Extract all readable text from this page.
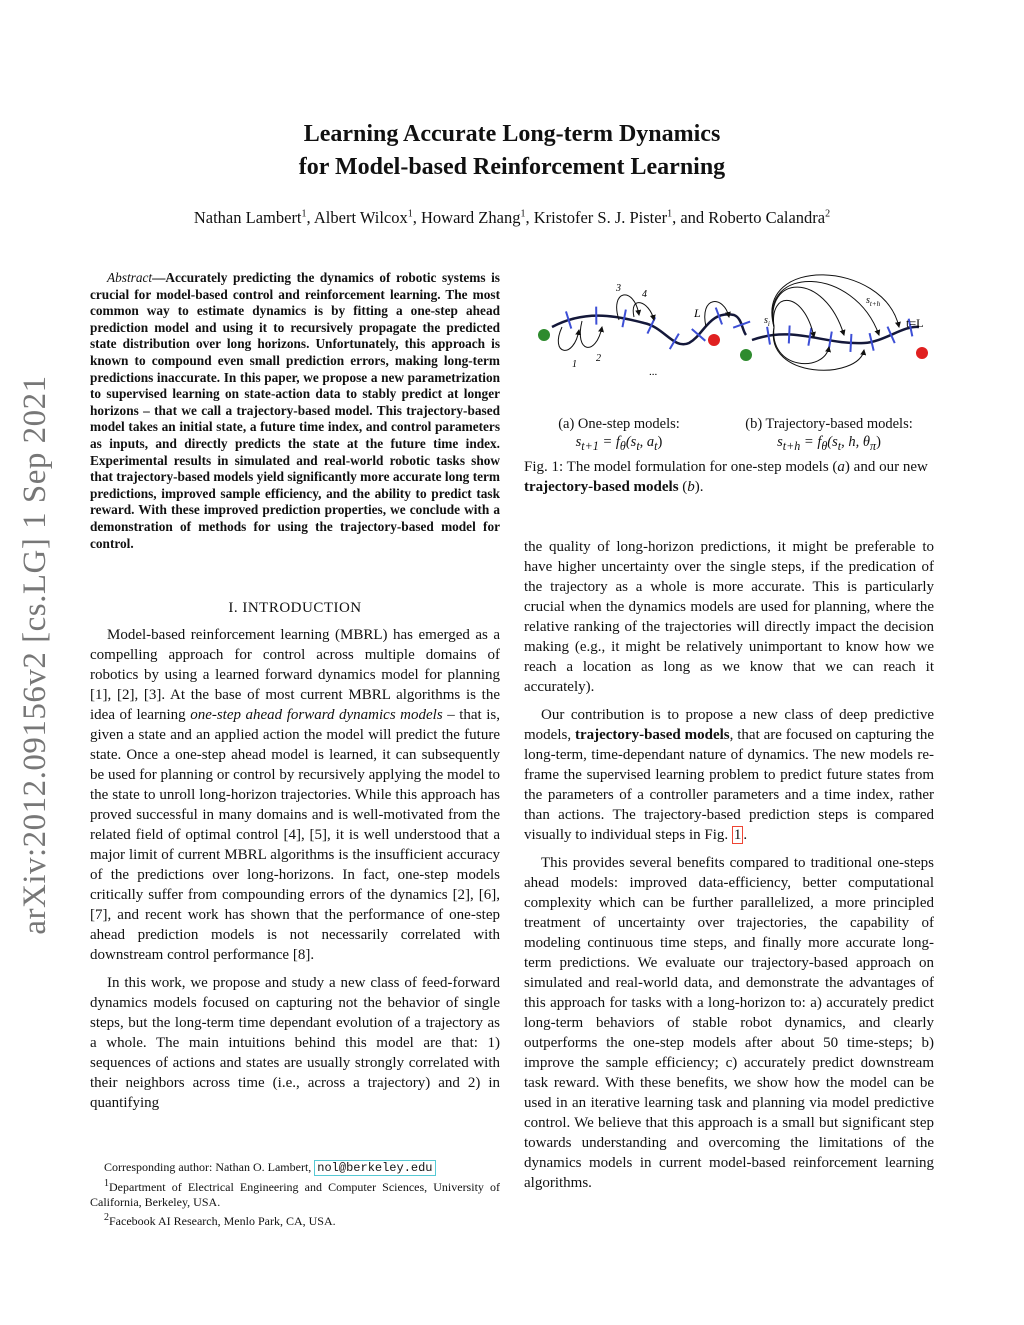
Learning Accurate Long-term Dynamics
for Model-based Reinforcement Learning
Nathan Lambert$^1$, Albert Wilcox$^1$, Howard Zhang$^1$, Kristofer S. J. Pister$^1$, and Roberto Calandra$^2$
arXiv:2012.09156v2 [cs.LG] 1 Sep 2021
Abstract—Accurately predicting the dynamics of robotic systems is crucial for model-based control and reinforcement learning. The most common way to estimate dynamics is by fitting a one-step ahead prediction model and using it to recursively propagate the predicted state distribution over long horizons. Unfortunately, this approach is known to compound even small prediction errors, making long-term predictions inaccurate. In this paper, we propose a new parametrization to supervised learning on state-action data to stably predict at longer horizons – that we call a trajectory-based model. This trajectory-based model takes an initial state, a future time index, and control parameters as inputs, and directly predicts the state at the future time index. Experimental results in simulated and real-world robotic tasks show that trajectory-based models yield significantly more accurate long term predictions, improved sample efficiency, and the ability to predict task reward. With these improved prediction properties, we conclude with a demonstration of methods for using the trajectory-based model for control.
I. INTRODUCTION

Model-based reinforcement learning (MBRL) has emerged as a compelling approach for control across multiple domains of robotics by using a learned forward dynamics model for planning [1], [2], [3]. At the base of most current MBRL algorithms is the idea of learning one-step ahead forward dynamics models – that is, given a state and an applied action the model will predict the future state. Once a one-step ahead model is learned, it can subsequently be used for planning or control by recursively applying the model to the state to unroll long-horizon trajectories. While this approach has proved successful in many domains and is well-motivated from the related field of optimal control [4], [5], it is well understood that a major limit of current MBRL algorithms is the insufficient accuracy of the predictions over long-horizons. In fact, one-step models critically suffer from compounding errors of the dynamics [2], [6], [7], and recent work has shown that the performance of one-step ahead prediction models is not necessarily correlated with downstream control performance [8].

In this work, we propose and study a new class of feed-forward dynamics models focused on capturing not the behavior of single steps, but the long-term time dependant evolution of a trajectory as a whole. The main intuitions behind this model are that: 1) sequences of actions and states are usually strongly correlated with their neighbors across time (i.e., across a trajectory) and 2) in quantifying

Corresponding author: Nathan O. Lambert, nol@berkeley.edu
$^1$Department of Electrical Engineering and Computer Sciences, University of California, Berkeley, USA.
$^2$Facebook AI Research, Menlo Park, CA, USA.
1
2
3
4
...
L
$s_i$
$s_{t+h}$
t=L
(a) One-step models:
$s_{t+1} = f_\theta(s_t$, $a_t$)
(b) Trajectory-based models:
$s_{t+h} = f_\theta(s_t$, h, $\theta_\pi$)
Fig. 1: The model formulation for one-step models (a) and our new trajectory-based models (b).

the quality of long-horizon predictions, it might be preferable to have higher uncertainty over the single steps, if the predication of the trajectory as a whole is more accurate. This is particularly crucial when the dynamics models are used for planning, where the relative ranking of the trajectories will directly impact the decision making (e.g., it might be relatively unimportant to know how we reach a location as long as we know that we can reach it accurately).

Our contribution is to propose a new class of deep predictive models, trajectory-based models, that are focused on capturing the long-term, time-dependant nature of dynamics. The new models re-frame the supervised learning problem to predict future states from the parameters of a controller parameters and a time index, rather than actions. The trajectory-based prediction steps is compared visually to individual steps in Fig. 1 .

This provides several benefits compared to traditional one-steps ahead models: improved data-efficiency, better computational complexity which can be further parallelized, a more principled treatment of uncertainty over trajectories, the capability of modeling continuous time steps, and finally more accurate long-term predictions. We evaluate our trajectory-based approach on simulated and real-world data, and demonstrate the advantages of this approach for tasks with a long-horizon to: a) accurately predict long-term behaviors of stable robot dynamics, and clearly outperforms the one-step models after about 50 time-steps; b) improve the sample efficiency; c) accurately predict downstream task reward. With these benefits, we show how the model can be used in an iterative learning task and planning via model predictive control. We believe that this approach is a small but significant step towards understanding and overcoming the limitations of the dynamics models in current model-based reinforcement learning algorithms.
